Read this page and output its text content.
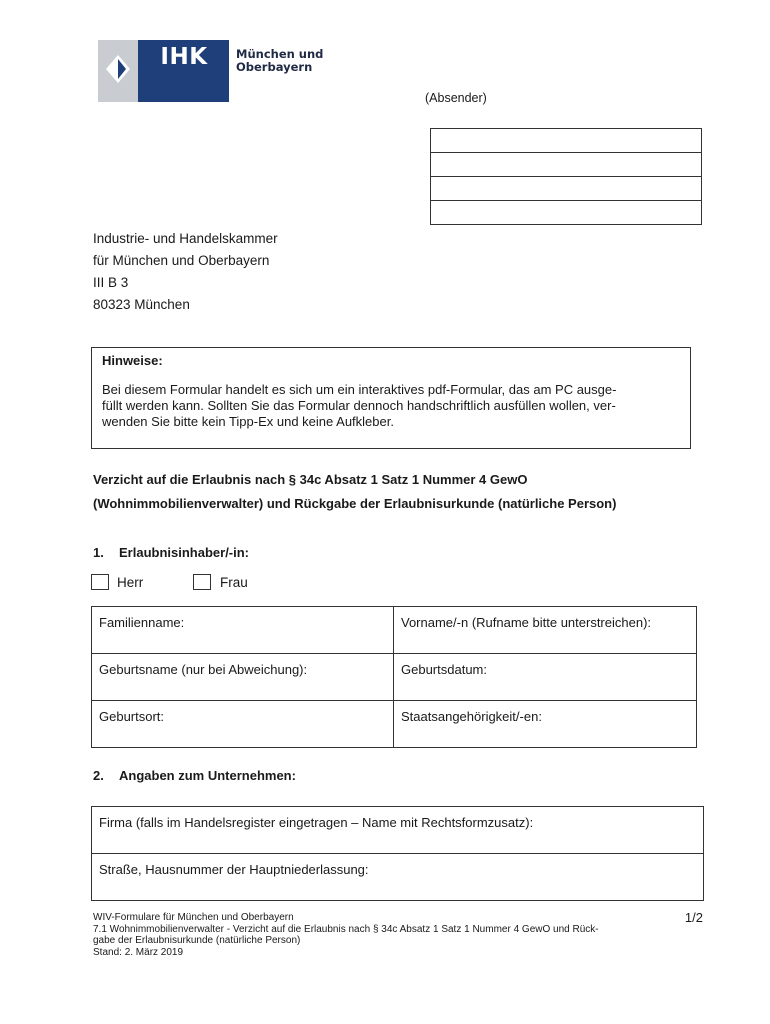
IHK	München und
Oberbayern
(Absender)
Industrie- und Handelskammer
für München und Oberbayern
III B 3
80323 München
Hinweise:
Bei diesem Formular handelt es sich um ein interaktives pdf-Formular, das am PC ausge-
füllt werden kann. Sollten Sie das Formular dennoch handschriftlich ausfüllen wollen, ver-
wenden Sie bitte kein Tipp-Ex und keine Aufkleber.
Verzicht auf die Erlaubnis nach § 34c Absatz 1 Satz 1 Nummer 4 GewO
(Wohnimmobilienverwalter) und Rückgabe der Erlaubnisurkunde (natürliche Person)
1. Erlaubnisinhaber/-in:
Herr	Frau
Familienname:	Vorname/-n (Rufname bitte unterstreichen):
Geburtsname (nur bei Abweichung):	Geburtsdatum:
Geburtsort:	Staatsangehörigkeit/-en:
2. Angaben zum Unternehmen:
Firma (falls im Handelsregister eingetragen – Name mit Rechtsformzusatz):
Straße, Hausnummer der Hauptniederlassung:
WIV-Formulare für München und Oberbayern
7.1 Wohnimmobilienverwalter - Verzicht auf die Erlaubnis nach § 34c Absatz 1 Satz 1 Nummer 4 GewO und Rück-
gabe der Erlaubnisurkunde (natürliche Person)
Stand: 2. März 2019
1/2
